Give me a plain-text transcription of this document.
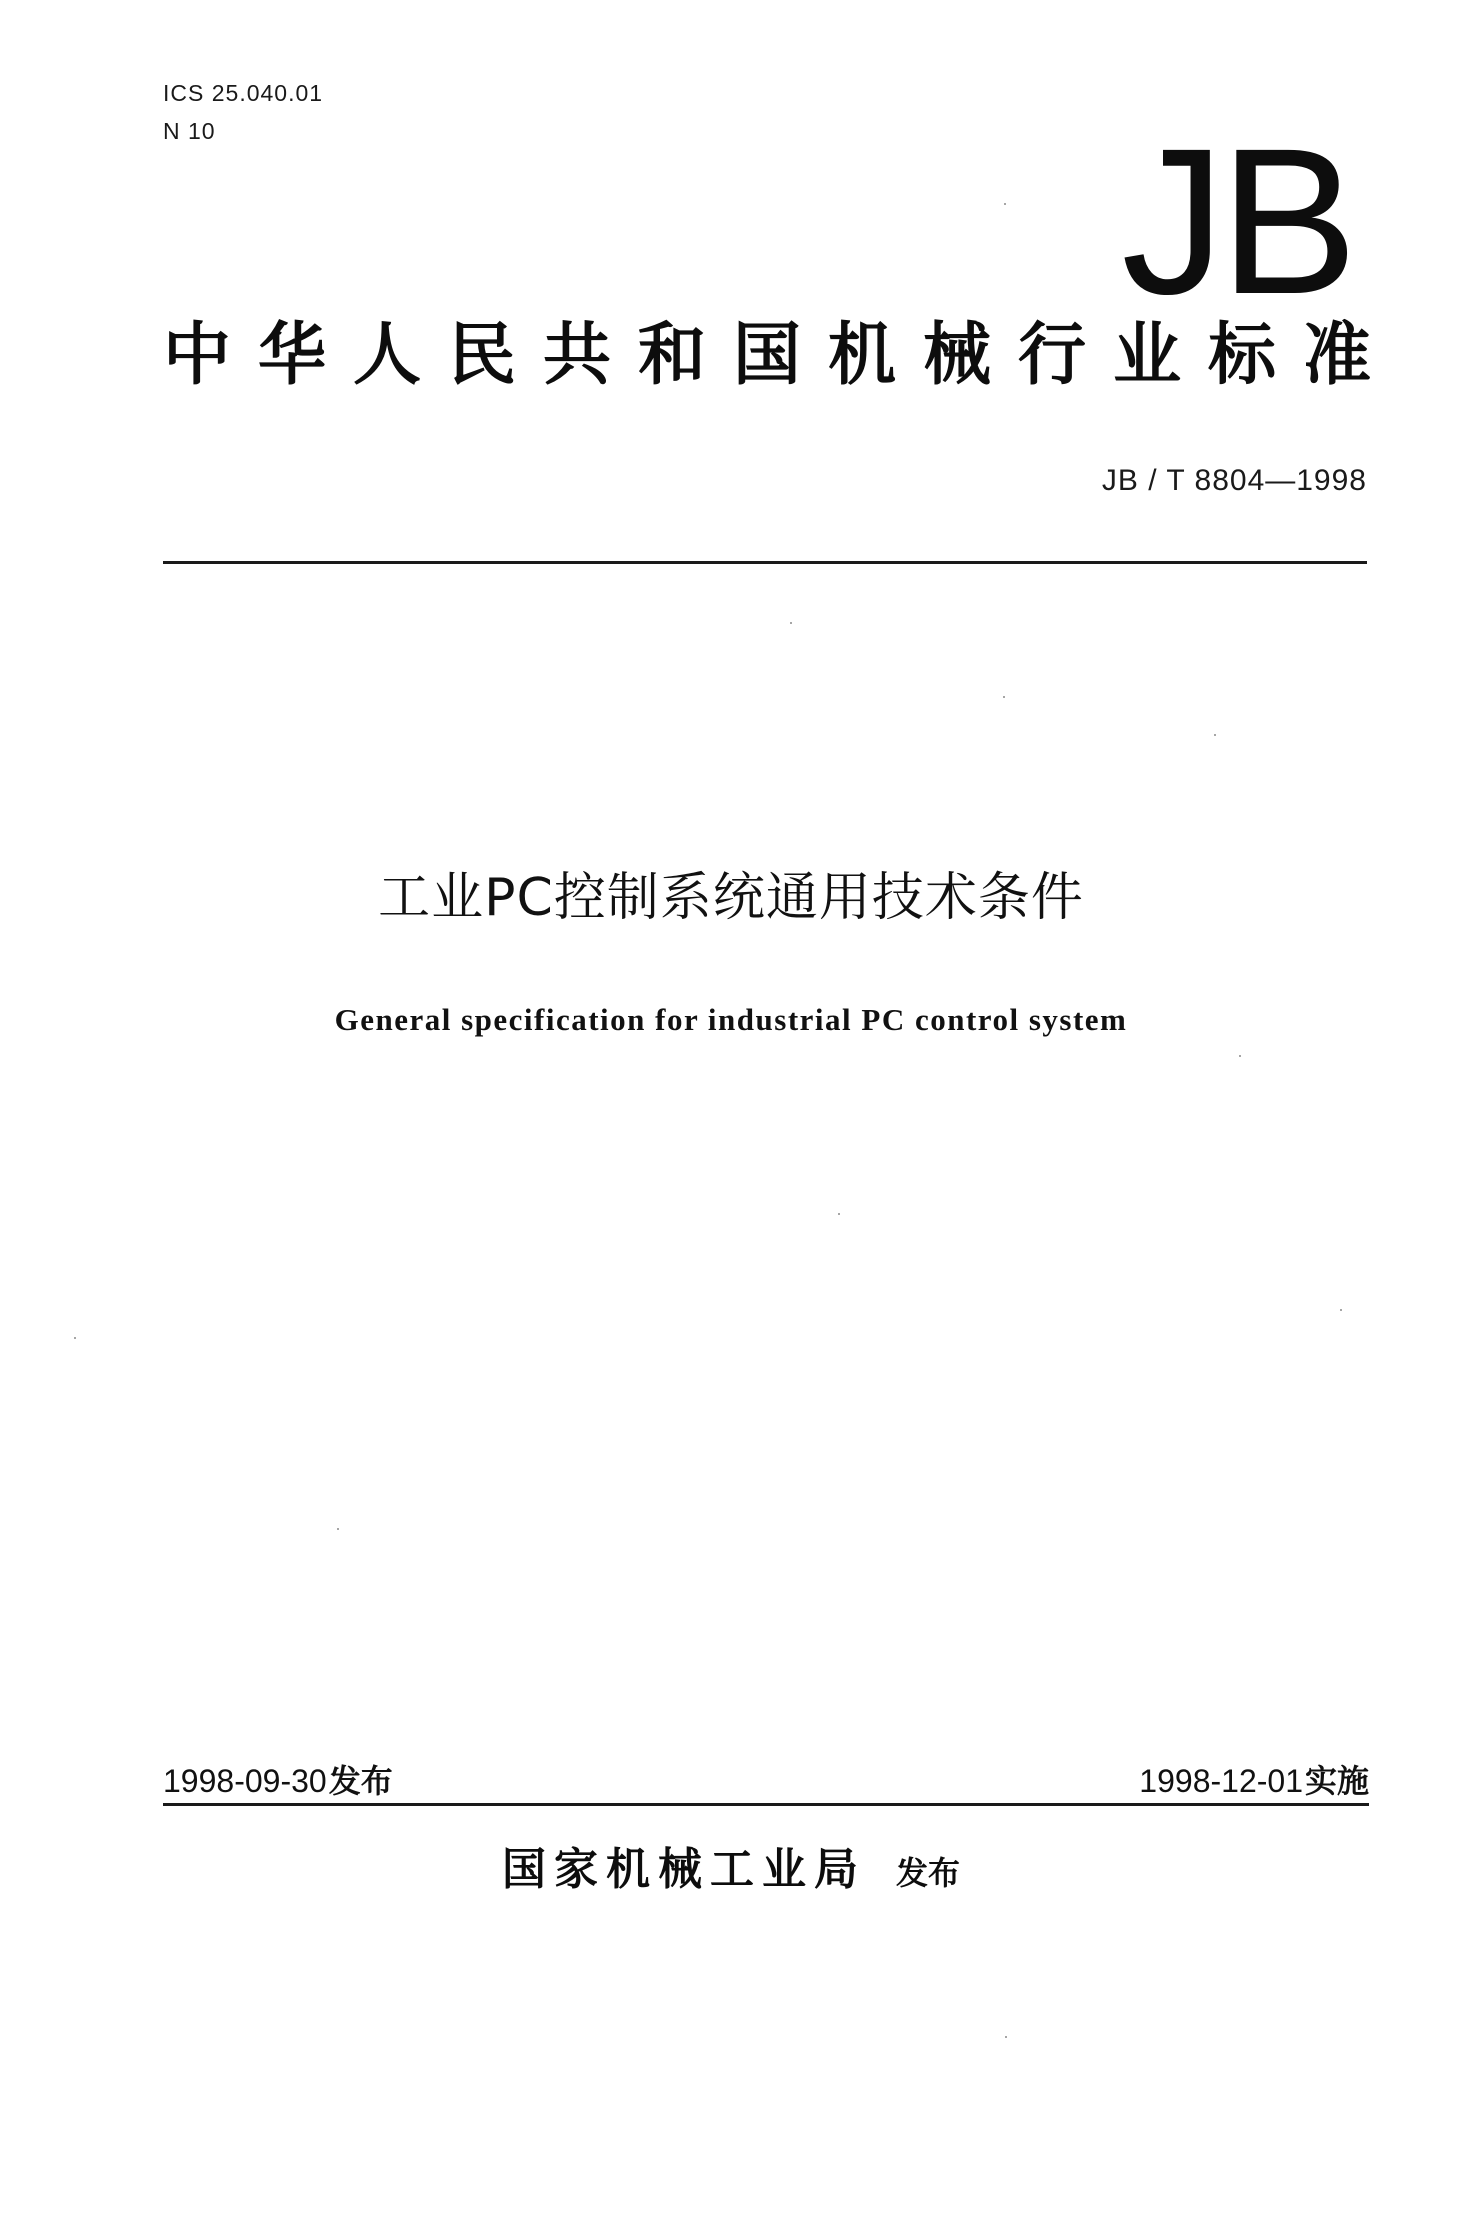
ICS 25.040.01
N 10	JB
中华人民共和国机械行业标准
JB / T 8804—1998
工业PC控制系统通用技术条件
General specification for industrial PC control system
1998-09-30发布	1998-12-01实施
国家机械工业局 发布
